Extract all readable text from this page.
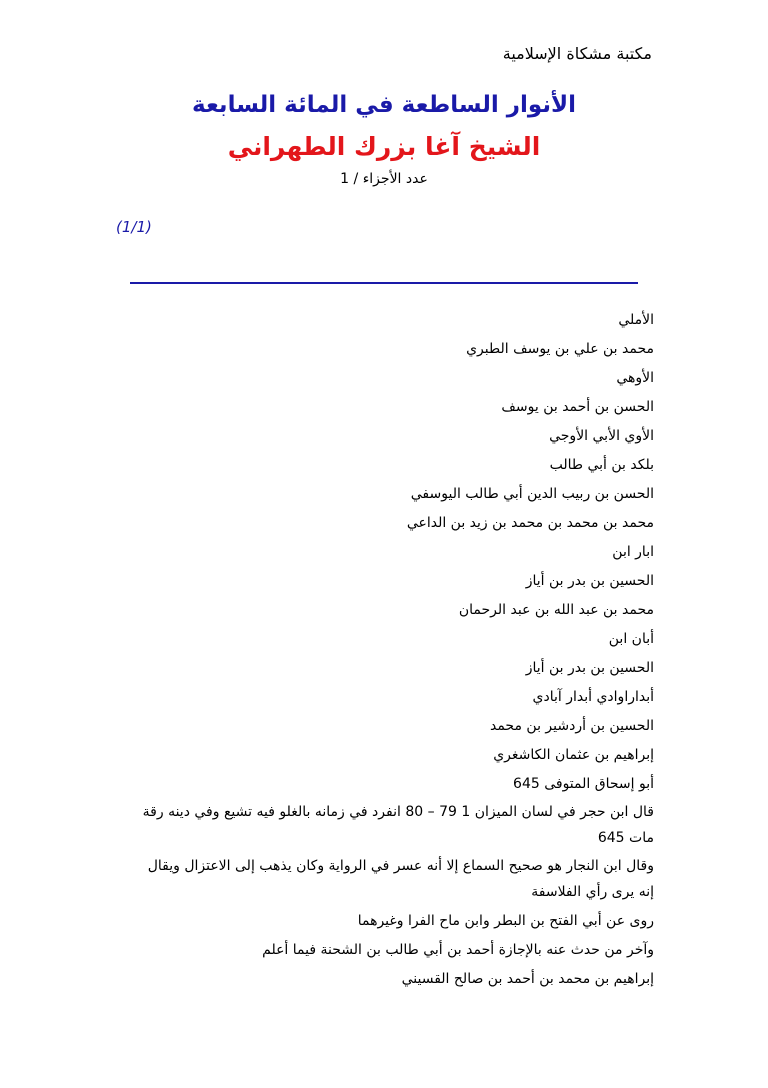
مكتبة مشكاة الإسلامية
الأنوار الساطعة في المائة السابعة
الشيخ آغا بزرك الطهراني
عدد الأجزاء / 1
(1/1)
الأملي
محمد بن علي بن يوسف الطبري
الأوهي
الحسن بن أحمد بن يوسف
الأوي الأبي الأوجي
بلكد بن أبي طالب
الحسن بن ربيب الدين أبي طالب اليوسفي
محمد بن محمد بن محمد بن زيد بن الداعي
ابار ابن
الحسين بن بدر بن أياز
محمد بن عبد الله بن عبد الرحمان
أبان ابن
الحسين بن بدر بن أياز
أبداراوادي أبدار آبادي
الحسين بن أردشير بن محمد
إبراهيم بن عثمان الكاشغري
أبو إسحاق المتوفى 645
قال ابن حجر في لسان الميزان 1 79 – 80 انفرد في زمانه بالغلو فيه تشيع وفي دينه رقة مات 645
وقال ابن النجار هو صحيح السماع إلا أنه عسر في الرواية وكان يذهب إلى الاعتزال ويقال إنه يرى رأي الفلاسفة
روى عن أبي الفتح بن البطر وابن ماح الفرا وغيرهما
وآخر من حدث عنه بالإجازة أحمد بن أبي طالب بن الشحنة فيما أعلم
إبراهيم بن محمد بن أحمد بن صالح القسيني
